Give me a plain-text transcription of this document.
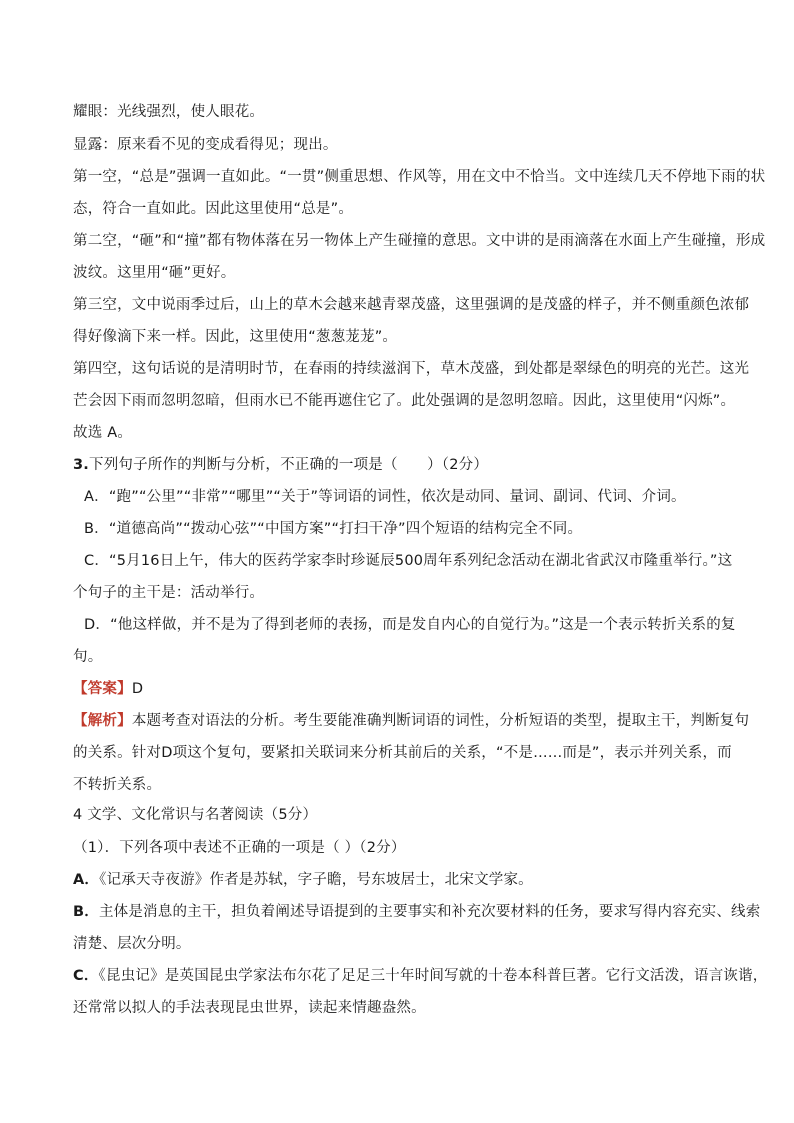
耀眼：光线强烈，使人眼花。
显露：原来看不见的变成看得见；现出。
第一空，“总是”强调一直如此。“一贯”侧重思想、作风等，用在文中不恰当。文中连续几天不停地下雨的状
态，符合一直如此。因此这里使用“总是”。
第二空，“砸”和“撞”都有物体落在另一物体上产生碰撞的意思。文中讲的是雨滴落在水面上产生碰撞，形成
波纹。这里用“砸”更好。
第三空，文中说雨季过后，山上的草木会越来越青翠茂盛，这里强调的是茂盛的样子，并不侧重颜色浓郁
得好像滴下来一样。因此，这里使用“葱葱茏茏”。
第四空，这句话说的是清明时节，在春雨的持续滋润下，草木茂盛，到处都是翠绿色的明亮的光芒。这光
芒会因下雨而忽明忽暗，但雨水已不能再遮住它了。此处强调的是忽明忽暗。因此，这里使用“闪烁”。
故选 A。
3.下列句子所作的判断与分析，不正确的一项是（　　）（2分）
A．“跑”“公里”“非常”“哪里”“关于”等词语的词性，依次是动同、量词、副词、代词、介词。
B．“道德高尚”“拨动心弦”“中国方案”“打扫干净”四个短语的结构完全不同。
C．“5月16日上午，伟大的医药学家李时珍诞辰500周年系列纪念活动在湖北省武汉市隆重举行。”这
个句子的主干是：活动举行。
D．“他这样做，并不是为了得到老师的表扬，而是发自内心的自觉行为。”这是一个表示转折关系的复
句。
【答案】D
【解析】本题考查对语法的分析。考生要能准确判断词语的词性，分析短语的类型，提取主干，判断复句
的关系。针对D项这个复句，要紧扣关联词来分析其前后的关系，“不是……而是”，表示并列关系，而
不转折关系。
4 文学、文化常识与名著阅读（5分）
（1）．下列各项中表述不正确的一项是（ ）（2分）
A．《记承天寺夜游》作者是苏轼，字子瞻，号东坡居士，北宋文学家。
B．主体是消息的主干，担负着阐述导语提到的主要事实和补充次要材料的任务，要求写得内容充实、线索
清楚、层次分明。
C．《昆虫记》是英国昆虫学家法布尔花了足足三十年时间写就的十卷本科普巨著。它行文活泼，语言诙谐，
还常常以拟人的手法表现昆虫世界，读起来情趣盎然。
